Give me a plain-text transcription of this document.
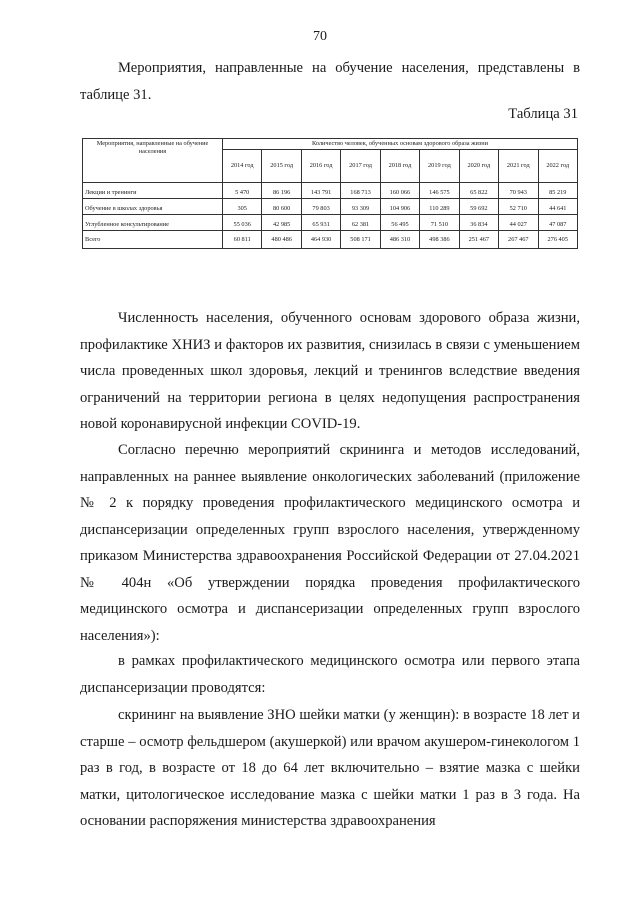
70
Мероприятия, направленные на обучение населения, представлены в таблице 31.
Таблица 31
Мероприятия, направленные на обучение населения	Количество человек, обученных основам здорового образа жизни								
	2014 год	2015 год	2016 год	2017 год	2018 год	2019 год	2020 год	2021 год	2022 год
Лекции и тренинги	5 470	86 196	143 791	168 713	160 066	146 575	65 822	70 943	85 219
Обучение в школах здоровья	305	80 600	79 803	93 309	104 906	110 289	59 692	52 710	44 641
Углубленное консультирование	55 036	42 985	65 931	62 381	56 495	71 510	36 834	44 027	47 087
Всего	60 811	480 486	464 930	508 171	486 310	498 386	251 467	267 467	276 405
Численность населения, обученного основам здорового образа жизни, профилактике ХНИЗ и факторов их развития, снизилась в связи с уменьшением числа проведенных школ здоровья, лекций и тренингов вследствие введения ограничений на территории региона в целях недопущения распространения новой коронавирусной инфекции COVID-19.
Согласно перечню мероприятий скрининга и методов исследований, направленных на раннее выявление онкологических заболеваний (приложение № 2 к порядку проведения профилактического медицинского осмотра и диспансеризации определенных групп взрослого населения, утвержденному приказом Министерства здравоохранения Российской Федерации от 27.04.2021 № 404н «Об утверждении порядка проведения профилактического медицинского осмотра и диспансеризации определенных групп взрослого населения»):
в рамках профилактического медицинского осмотра или первого этапа диспансеризации проводятся:
скрининг на выявление ЗНО шейки матки (у женщин): в возрасте 18 лет и старше – осмотр фельдшером (акушеркой) или врачом акушером-гинекологом 1 раз в год, в возрасте от 18 до 64 лет включительно – взятие мазка с шейки матки, цитологическое исследование мазка с шейки матки 1 раз в 3 года. На основании распоряжения министерства здравоохранения
